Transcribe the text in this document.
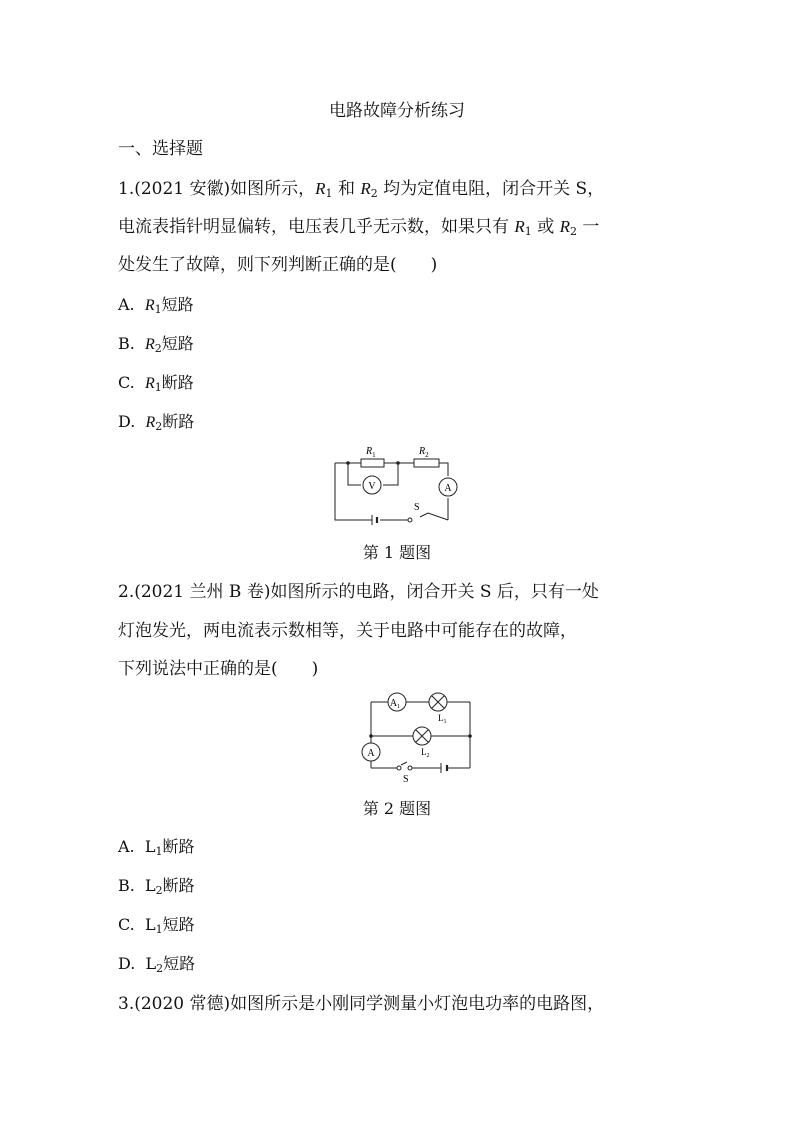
电路故障分析练习
一、选择题
1.(2021 安徽)如图所示，$R_1$ 和 $R_2$ 均为定值电阻，闭合开关 S，
电流表指针明显偏转，电压表几乎无示数，如果只有 $R_1$ 或 $R_2$ 一
处发生了故障，则下列判断正确的是(　　)
A. $R_1$短路
B. $R_2$短路
C. $R_1$断路
D. $R_2$断路
$R_1$	$R_2$
V	A
S
第 1 题图
2.(2021 兰州 B 卷)如图所示的电路，闭合开关 S 后，只有一处
灯泡发光，两电流表示数相等，关于电路中可能存在的故障，
下列说法中正确的是(　　)
$A_1$
A
$L_1$
$L_2$
S
第 2 题图
A. $L_1$断路
B. $L_2$断路
C. $L_1$短路
D. $L_2$短路
3.(2020 常德)如图所示是小刚同学测量小灯泡电功率的电路图，
